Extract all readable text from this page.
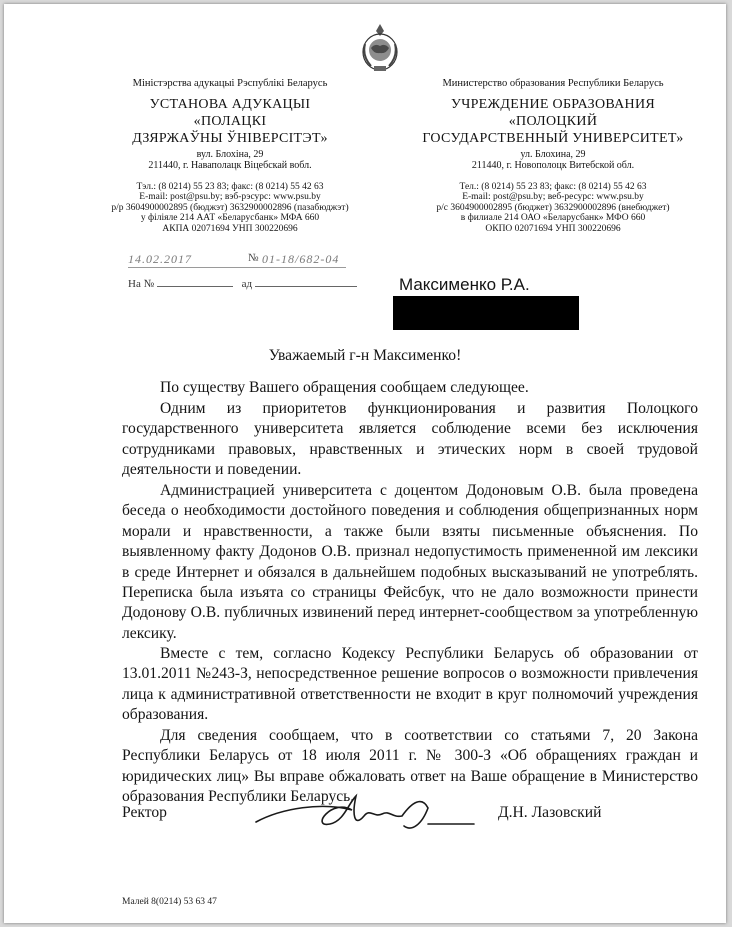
Міністэрства адукацыі Рэспублікі Беларусь
УСТАНОВА АДУКАЦЫІ
«ПОЛАЦКІ
ДЗЯРЖАЎНЫ ЎНІВЕРСІТЭТ»
вул. Блохіна, 29
211440, г. Наваполацк Віцебскай вобл.
Тэл.: (8 0214) 55 23 83; факс: (8 0214) 55 42 63
E-mail: post@psu.by; вэб-рэсурс: www.psu.by
р/р 3604900002895 (бюджэт) 3632900002896 (пазабюджэт)
у філіяле 214 ААТ «Беларусбанк» МФА 660
АКПА 02071694 УНП 300220696
Министерство образования Республики Беларусь
УЧРЕЖДЕНИЕ ОБРАЗОВАНИЯ
«ПОЛОЦКИЙ
ГОСУДАРСТВЕННЫЙ УНИВЕРСИТЕТ»
ул. Блохина, 29
211440, г. Новополоцк Витебской обл.
Тел.: (8 0214) 55 23 83; факс: (8 0214) 55 42 63
E-mail: post@psu.by; веб-ресурс: www.psu.by
р/с 3604900002895 (бюджет) 3632900002896 (внебюджет)
в филиале 214 ОАО «Беларусбанк» МФО 660
ОКПО 02071694 УНП 300220696
14.02.2017	№ 01-18/682-04
На №	ад	Максименко Р.А.
Уважаемый г-н Максименко!
По существу Вашего обращения сообщаем следующее.
Одним из приоритетов функционирования и развития Полоцкого государственного университета является соблюдение всеми без исключения сотрудниками правовых, нравственных и этических норм в своей трудовой деятельности и поведении.
Администрацией университета с доцентом Додоновым О.В. была проведена беседа о необходимости достойного поведения и соблюдения общепризнанных норм морали и нравственности, а также были взяты письменные объяснения. По выявленному факту Додонов О.В. признал недопустимость примененной им лексики в среде Интернет и обязался в дальнейшем подобных высказываний не употреблять. Переписка была изъята со страницы Фейсбук, что не дало возможности принести Додонову О.В. публичных извинений перед интернет-сообществом за употребленную лексику.
Вместе с тем, согласно Кодексу Республики Беларусь об образовании от 13.01.2011 №243-З, непосредственное решение вопросов о возможности привлечения лица к административной ответственности не входит в круг полномочий учреждения образования.
Для сведения сообщаем, что в соответствии со статьями 7, 20 Закона Республики Беларусь от 18 июля 2011 г. № 300-З «Об обращениях граждан и юридических лиц» Вы вправе обжаловать ответ на Ваше обращение в Министерство образования Республики Беларусь.
Ректор	Д.Н. Лазовский
Малей 8(0214) 53 63 47
